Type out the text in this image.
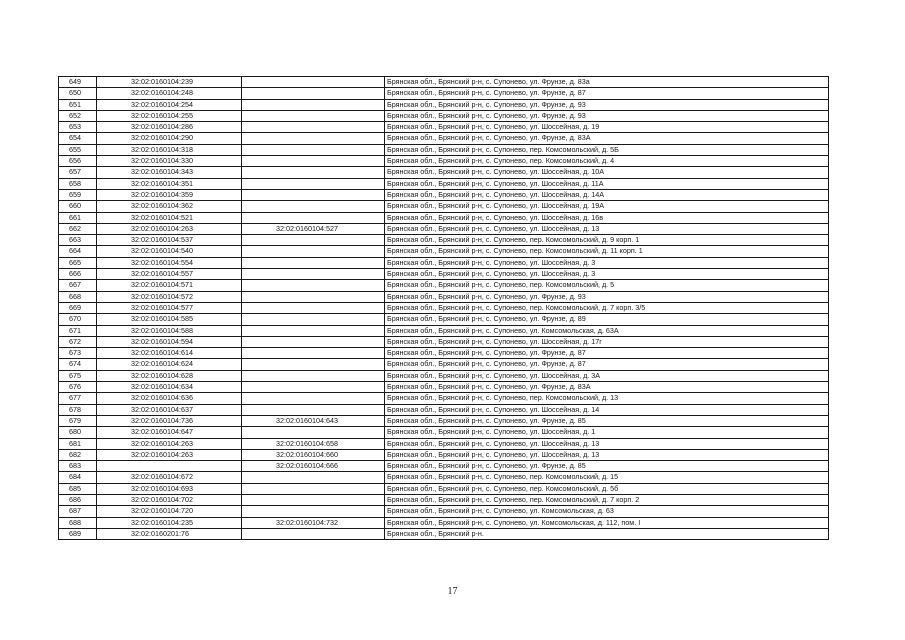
649	32:02:0160104:239		Брянская обл., Брянский р-н, с. Супонево, ул. Фрунзе, д. 83а
650	32:02:0160104:248		Брянская обл., Брянский р-н, с. Супонево, ул. Фрунзе, д. 87
651	32:02:0160104:254		Брянская обл., Брянский р-н, с. Супонево, ул. Фрунзе, д. 93
652	32:02:0160104:255		Брянская обл., Брянский р-н, с. Супонево, ул. Фрунзе, д. 93
653	32:02:0160104:286		Брянская обл., Брянский р-н, с. Супонево, ул. Шоссейная, д. 19
654	32:02:0160104:290		Брянская обл., Брянский р-н, с. Супонево, ул. Фрунзе, д. 83А
655	32:02:0160104:318		Брянская обл., Брянский р-н, с. Супонево, пер. Комсомольский, д. 5Б
656	32:02:0160104:330		Брянская обл., Брянский р-н, с. Супонево, пер. Комсомольский, д. 4
657	32:02:0160104:343		Брянская обл., Брянский р-н, с. Супонево, ул. Шоссейная, д. 10А
658	32:02:0160104:351		Брянская обл., Брянский р-н, с. Супонево, ул. Шоссейная, д. 11А
659	32:02:0160104:359		Брянская обл., Брянский р-н, с. Супонево, ул. Шоссейная, д. 14А
660	32:02:0160104:362		Брянская обл., Брянский р-н, с. Супонево, ул. Шоссейная, д. 19А
661	32:02:0160104:521		Брянская обл., Брянский р-н, с. Супонево, ул. Шоссейная, д. 16в
662	32:02:0160104:263	32:02:0160104:527	Брянская обл., Брянский р-н, с. Супонево, ул. Шоссейная, д. 13
663	32:02:0160104:537		Брянская обл., Брянский р-н, с. Супонево, пер. Комсомольский, д. 9 корп. 1
664	32:02:0160104:540		Брянская обл., Брянский р-н, с. Супонево, пер. Комсомольский, д. 11 корп. 1
665	32:02:0160104:554		Брянская обл., Брянский р-н, с. Супонево, ул. Шоссейная, д. 3
666	32:02:0160104:557		Брянская обл., Брянский р-н, с. Супонево, ул. Шоссейная, д. 3
667	32:02:0160104:571		Брянская обл., Брянский р-н, с. Супонево, пер. Комсомольский, д. 5
668	32:02:0160104:572		Брянская обл., Брянский р-н, с. Супонево, ул. Фрунзе, д. 93
669	32:02:0160104:577		Брянская обл., Брянский р-н, с. Супонево, пер. Комсомольский, д. 7 корп. 3/5
670	32:02:0160104:585		Брянская обл., Брянский р-н, с. Супонево, ул. Фрунзе, д. 89
671	32:02:0160104:588		Брянская обл., Брянский р-н, с. Супонево, ул. Комсомольская, д. 63А
672	32:02:0160104:594		Брянская обл., Брянский р-н, с. Супонево, ул. Шоссейная, д. 17г
673	32:02:0160104:614		Брянская обл., Брянский р-н, с. Супонево, ул. Фрунзе, д. 87
674	32:02:0160104:624		Брянская обл., Брянский р-н, с. Супонево, ул. Фрунзе, д. 87
675	32:02:0160104:628		Брянская обл., Брянский р-н, с. Супонево, ул. Шоссейная, д. 3А
676	32:02:0160104:634		Брянская обл., Брянский р-н, с. Супонево, ул. Фрунзе, д. 83А
677	32:02:0160104:636		Брянская обл., Брянский р-н, с. Супонево, пер. Комсомольский, д. 13
678	32:02:0160104:637		Брянская обл., Брянский р-н, с. Супонево, ул. Шоссейная, д. 14
679	32:02:0160104:736	32:02:0160104:643	Брянская обл., Брянский р-н, с. Супонево, ул. Фрунзе, д. 85
680	32:02:0160104:647		Брянская обл., Брянский р-н, с. Супонево, ул. Шоссейная, д. 1
681	32:02:0160104:263	32:02:0160104:658	Брянская обл., Брянский р-н, с. Супонево, ул. Шоссейная, д. 13
682	32:02:0160104:263	32:02:0160104:660	Брянская обл., Брянский р-н, с. Супонево, ул. Шоссейная, д. 13
683		32:02:0160104:666	Брянская обл., Брянский р-н, с. Супонево, ул. Фрунзе, д. 85
684	32:02:0160104:672		Брянская обл., Брянский р-н, с. Супонево, пер. Комсомольский, д. 15
685	32:02:0160104:693		Брянская обл., Брянский р-н, с. Супонево, пер. Комсомольский, д. 5б
686	32:02:0160104:702		Брянская обл., Брянский р-н, с. Супонево, пер. Комсомольский, д. 7 корп. 2
687	32:02:0160104:720		Брянская обл., Брянский р-н, с. Супонево, ул. Комсомольская, д. 63
688	32:02:0160104:235	32:02:0160104:732	Брянская обл., Брянский р-н, с. Супонево, ул. Комсомольская, д. 112, пом. I
689	32:02:0160201:76		Брянская обл., Брянский р-н.
17
